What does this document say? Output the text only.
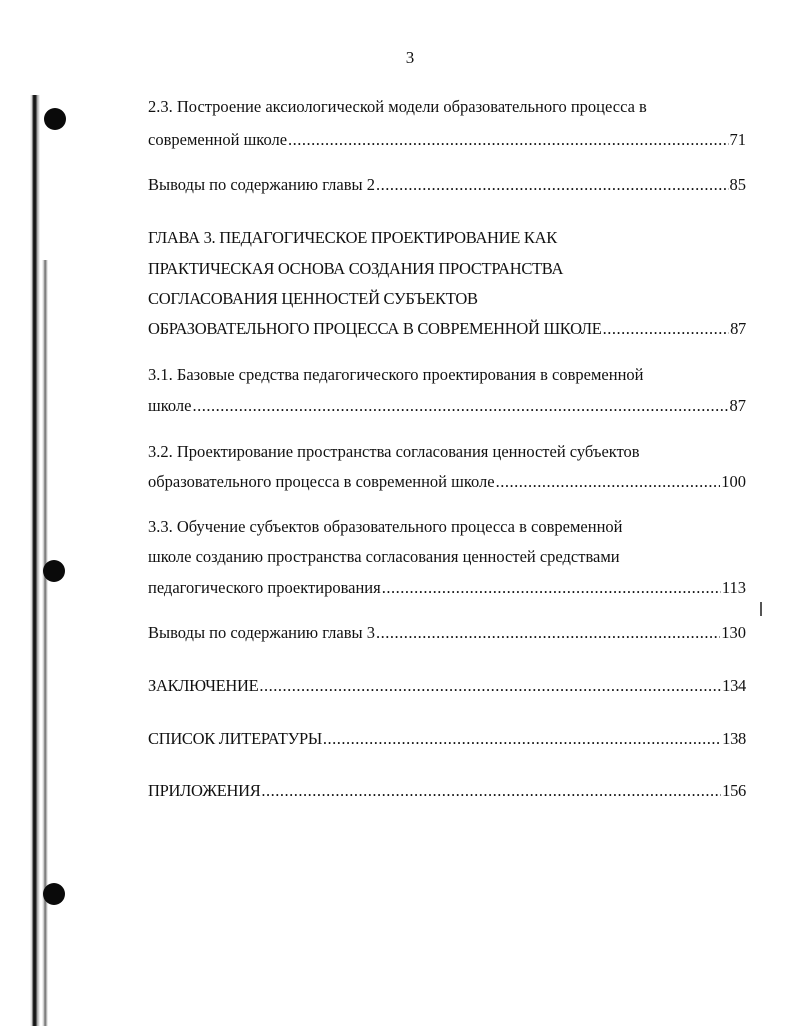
3
2.3. Построение аксиологической модели образовательного процесса в
современной школе .....	71
Выводы по содержанию главы 2 .....	85
ГЛАВА 3. ПЕДАГОГИЧЕСКОЕ ПРОЕКТИРОВАНИЕ КАК
ПРАКТИЧЕСКАЯ ОСНОВА СОЗДАНИЯ ПРОСТРАНСТВА
СОГЛАСОВАНИЯ ЦЕННОСТЕЙ СУБЪЕКТОВ
ОБРАЗОВАТЕЛЬНОГО ПРОЦЕССА В СОВРЕМЕННОЙ ШКОЛЕ .....	87
3.1. Базовые средства педагогического проектирования в современной
школе .....	87
3.2. Проектирование пространства согласования ценностей субъектов
образовательного процесса в современной школе .....	100
3.3. Обучение субъектов образовательного процесса в современной
школе созданию пространства согласования ценностей средствами
педагогического проектирования .....	113
Выводы по содержанию главы 3 .....	130
ЗАКЛЮЧЕНИЕ .....	134
СПИСОК ЛИТЕРАТУРЫ .....	138
ПРИЛОЖЕНИЯ .....	156
